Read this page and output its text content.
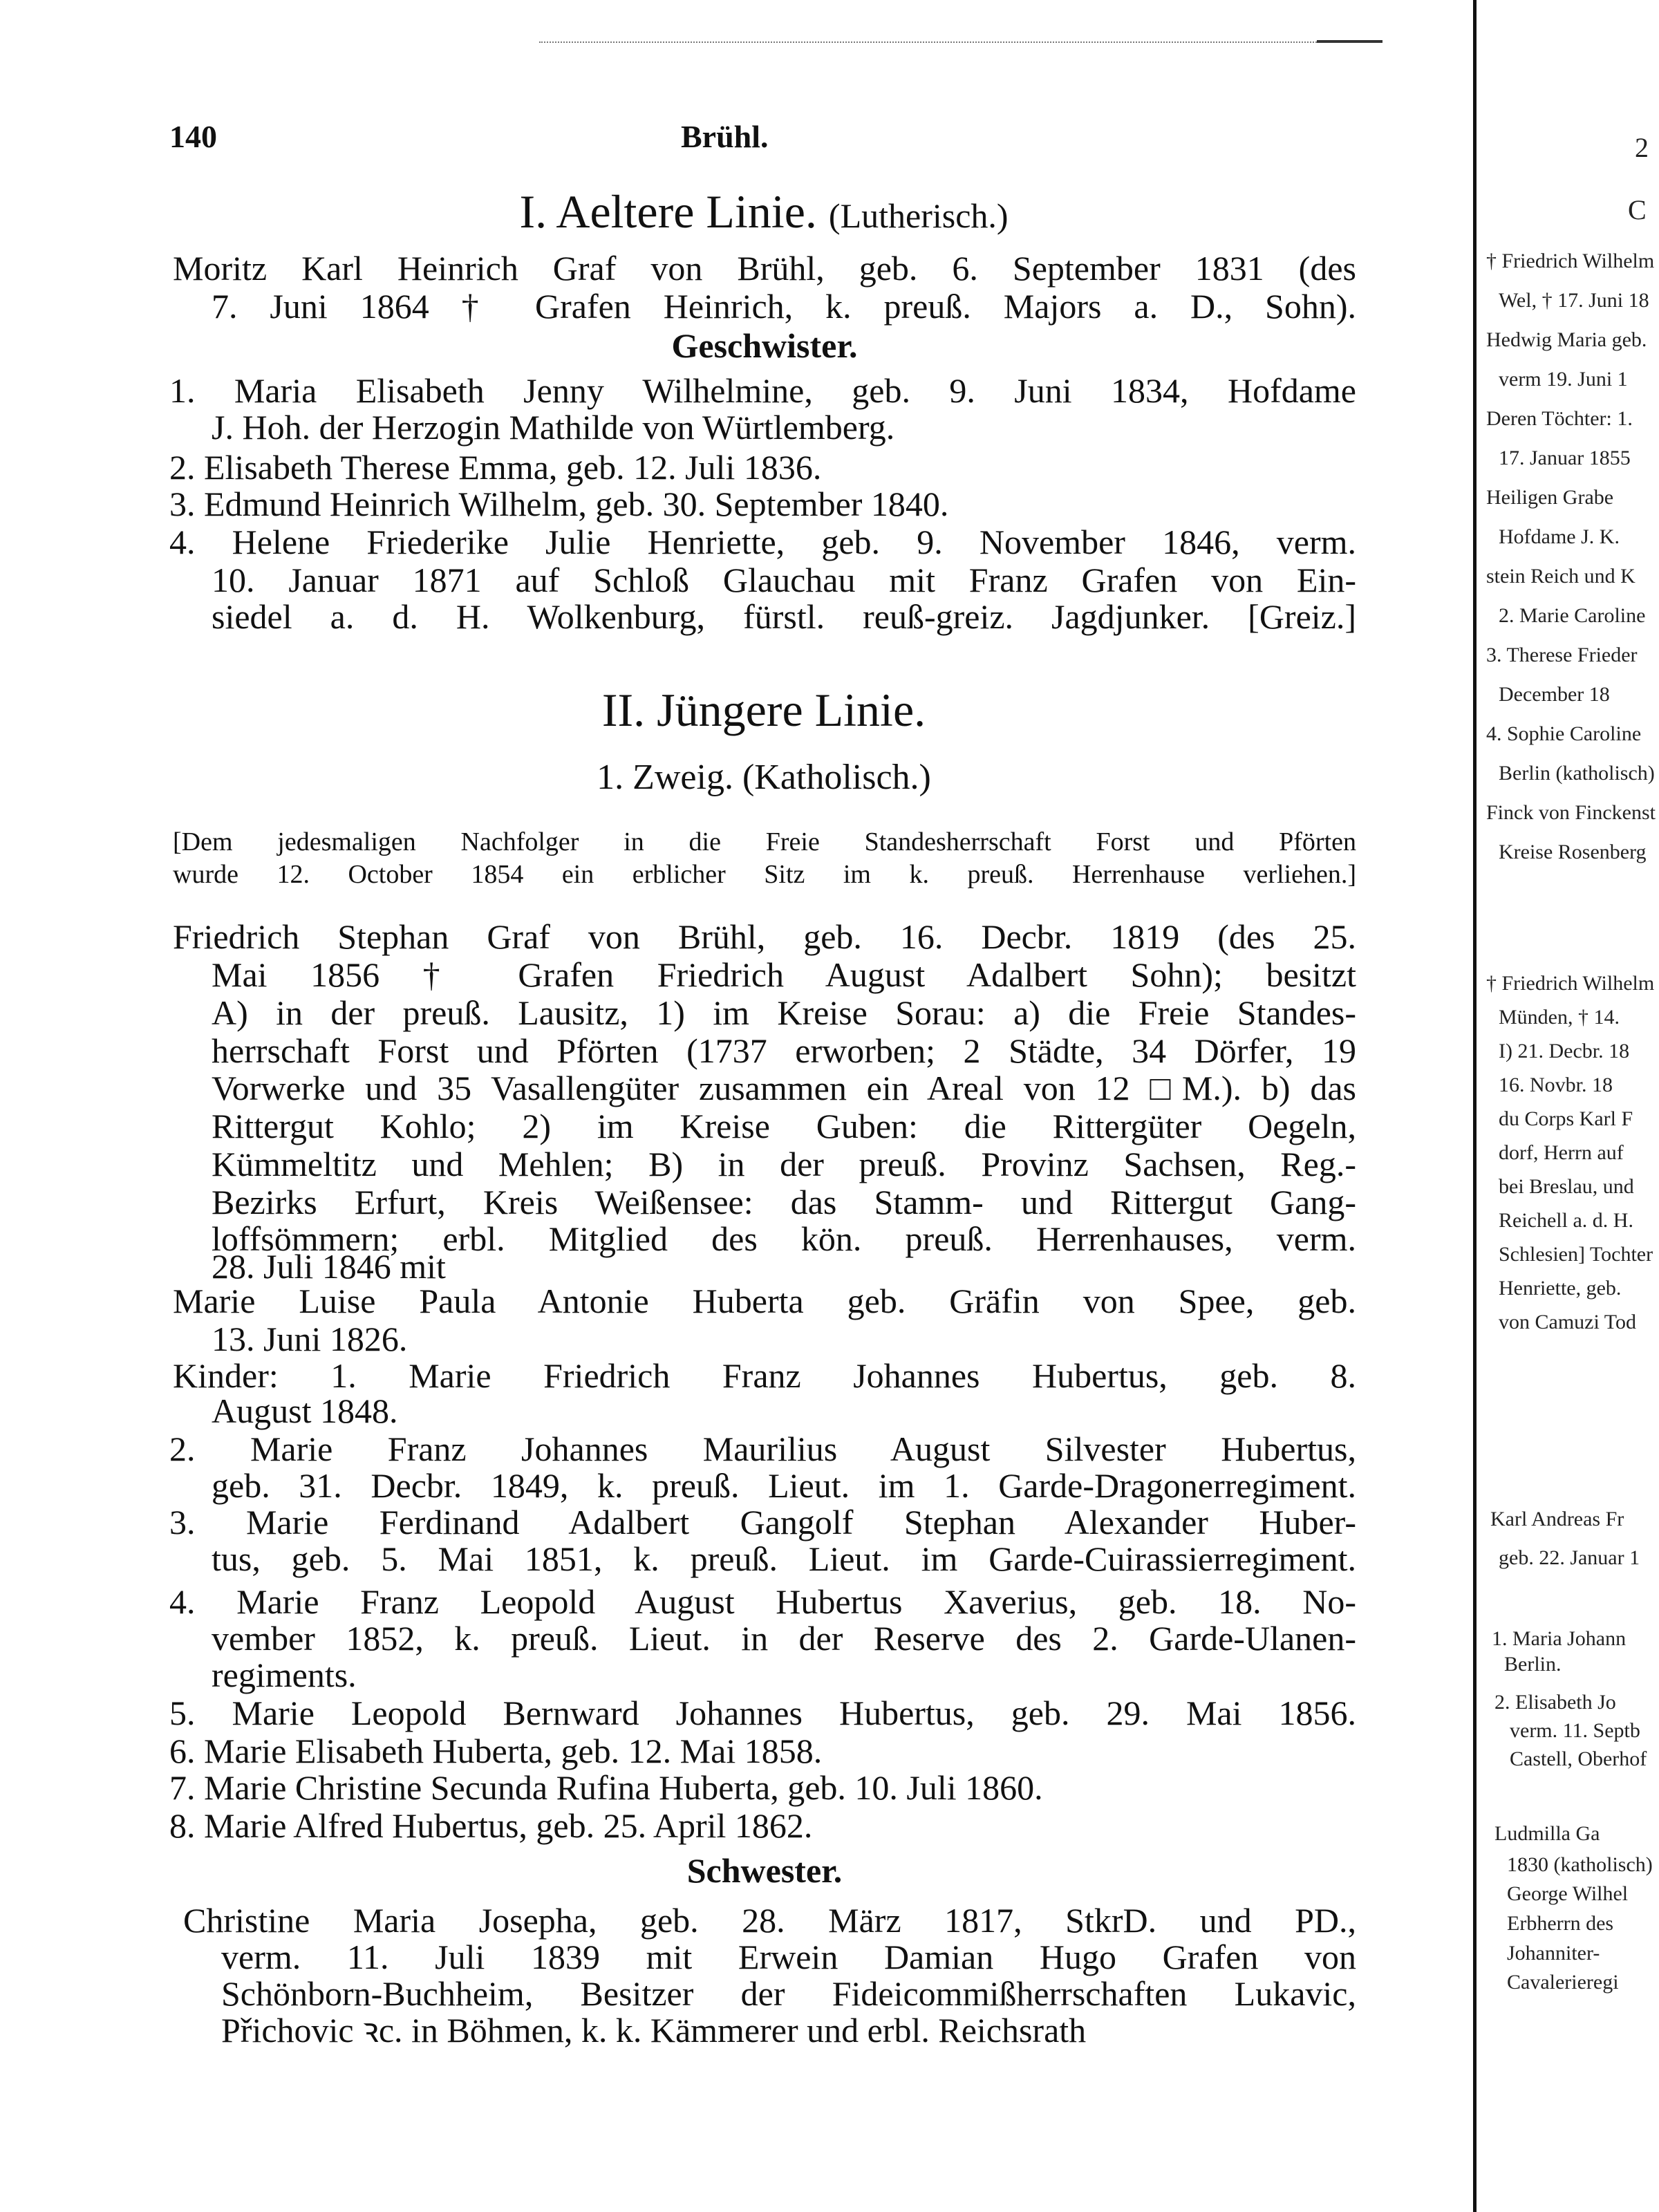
140	Brühl.
I. Aeltere Linie. (Lutherisch.)
II. Jüngere Linie.
1. Zweig. (Katholisch.)
2
C
† Friedrich Wilhelm
Wel, † 17. Juni 18
Hedwig Maria geb.
verm 19. Juni 1
Deren Töchter: 1.
17. Januar 1855
Heiligen Grabe
Hofdame J. K.
stein Reich und K
2. Marie Caroline
3. Therese Frieder
December 18
4. Sophie Caroline
Berlin (katholisch)
Finck von Finckenst
Kreise Rosenberg
† Friedrich Wilhelm
Münden, † 14.
I) 21. Decbr. 18
16. Novbr. 18
du Corps Karl F
dorf, Herrn auf
bei Breslau, und
Reichell a. d. H.
Schlesien] Tochter
Henriette, geb.
von Camuzi Tod
Karl Andreas Fr
geb. 22. Januar 1
1. Maria Johann
Berlin.
2. Elisabeth Jo
verm. 11. Septb
Castell, Oberhof
Ludmilla Ga
1830 (katholisch)
George Wilhel
Erbherrn des
Johanniter-
Cavalerieregi
Moritz Karl Heinrich Graf von Brühl, geb. 6. September 1831 (des
7. Juni 1864 † Grafen Heinrich, k. preuß. Majors a. D., Sohn).
Geschwister.
1. Maria Elisabeth Jenny Wilhelmine, geb. 9. Juni 1834, Hofdame
J. Hoh. der Herzogin Mathilde von Würtlemberg.
2. Elisabeth Therese Emma, geb. 12. Juli 1836.
3. Edmund Heinrich Wilhelm, geb. 30. September 1840.
4. Helene Friederike Julie Henriette, geb. 9. November 1846, verm.
10. Januar 1871 auf Schloß Glauchau mit Franz Grafen von Ein-
siedel a. d. H. Wolkenburg, fürstl. reuß-greiz. Jagdjunker. [Greiz.]
[Dem jedesmaligen Nachfolger in die Freie Standesherrschaft Forst und Pförten
wurde 12. October 1854 ein erblicher Sitz im k. preuß. Herrenhause verliehen.]
Friedrich Stephan Graf von Brühl, geb. 16. Decbr. 1819 (des 25.
Mai 1856 † Grafen Friedrich August Adalbert Sohn); besitzt
A) in der preuß. Lausitz, 1) im Kreise Sorau: a) die Freie Standes-
herrschaft Forst und Pförten (1737 erworben; 2 Städte, 34 Dörfer, 19
Vorwerke und 35 Vasallengüter zusammen ein Areal von 12 □M.). b) das
Rittergut Kohlo; 2) im Kreise Guben: die Rittergüter Oegeln,
Kümmeltitz und Mehlen; B) in der preuß. Provinz Sachsen, Reg.-
Bezirks Erfurt, Kreis Weißensee: das Stamm- und Rittergut Gang-
loffsömmern; erbl. Mitglied des kön. preuß. Herrenhauses, verm.
28. Juli 1846 mit
Marie Luise Paula Antonie Huberta geb. Gräfin von Spee, geb.
13. Juni 1826.
Kinder: 1. Marie Friedrich Franz Johannes Hubertus, geb. 8.
August 1848.
2. Marie Franz Johannes Maurilius August Silvester Hubertus,
geb. 31. Decbr. 1849, k. preuß. Lieut. im 1. Garde-Dragonerregiment.
3. Marie Ferdinand Adalbert Gangolf Stephan Alexander Huber-
tus, geb. 5. Mai 1851, k. preuß. Lieut. im Garde-Cuirassierregiment.
4. Marie Franz Leopold August Hubertus Xaverius, geb. 18. No-
vember 1852, k. preuß. Lieut. in der Reserve des 2. Garde-Ulanen-
regiments.
5. Marie Leopold Bernward Johannes Hubertus, geb. 29. Mai 1856.
6. Marie Elisabeth Huberta, geb. 12. Mai 1858.
7. Marie Christine Secunda Rufina Huberta, geb. 10. Juli 1860.
8. Marie Alfred Hubertus, geb. 25. April 1862.
Schwester.
Christine Maria Josepha, geb. 28. März 1817, StkrD. und PD.,
verm. 11. Juli 1839 mit Erwein Damian Hugo Grafen von
Schönborn-Buchheim, Besitzer der Fideicommißherrschaften Lukavic,
Přichovic ꝛc. in Böhmen, k. k. Kämmerer und erbl. Reichsrath
